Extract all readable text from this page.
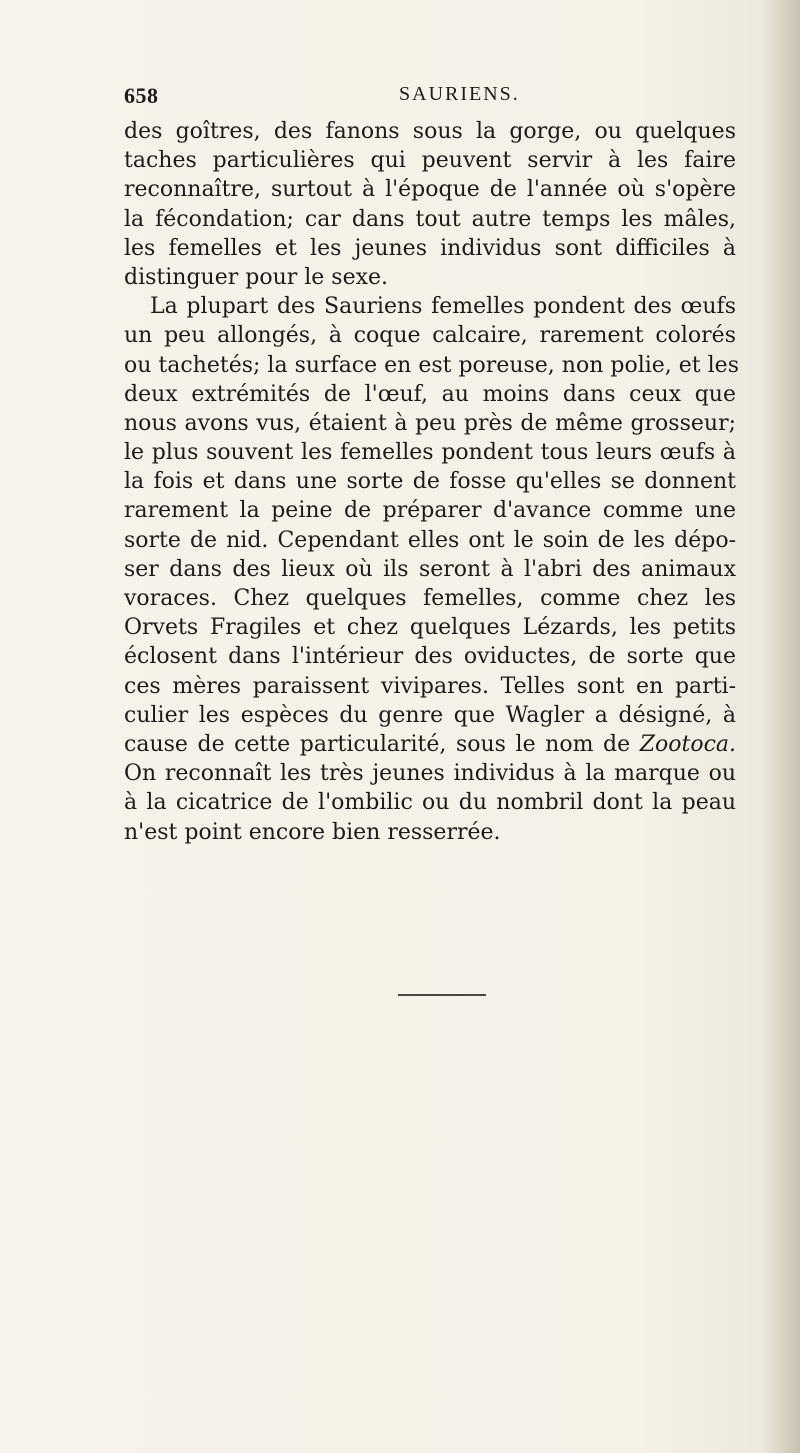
658	SAURIENS.
des goîtres, des fanons sous la gorge, ou quelques
taches particulières qui peuvent servir à les faire
reconnaître, surtout à l'époque de l'année où s'opère
la fécondation; car dans tout autre temps les mâles,
les femelles et les jeunes individus sont difficiles à
distinguer pour le sexe.
La plupart des Sauriens femelles pondent des œufs
un peu allongés, à coque calcaire, rarement colorés
ou tachetés; la surface en est poreuse, non polie, et les
deux extrémités de l'œuf, au moins dans ceux que
nous avons vus, étaient à peu près de même grosseur;
le plus souvent les femelles pondent tous leurs œufs à
la fois et dans une sorte de fosse qu'elles se donnent
rarement la peine de préparer d'avance comme une
sorte de nid. Cependant elles ont le soin de les dépo-
ser dans des lieux où ils seront à l'abri des animaux
voraces. Chez quelques femelles, comme chez les
Orvets Fragiles et chez quelques Lézards, les petits
éclosent dans l'intérieur des oviductes, de sorte que
ces mères paraissent vivipares. Telles sont en parti-
culier les espèces du genre que Wagler a désigné, à
cause de cette particularité, sous le nom de Zootoca.
On reconnaît les très jeunes individus à la marque ou
à la cicatrice de l'ombilic ou du nombril dont la peau
n'est point encore bien resserrée.
